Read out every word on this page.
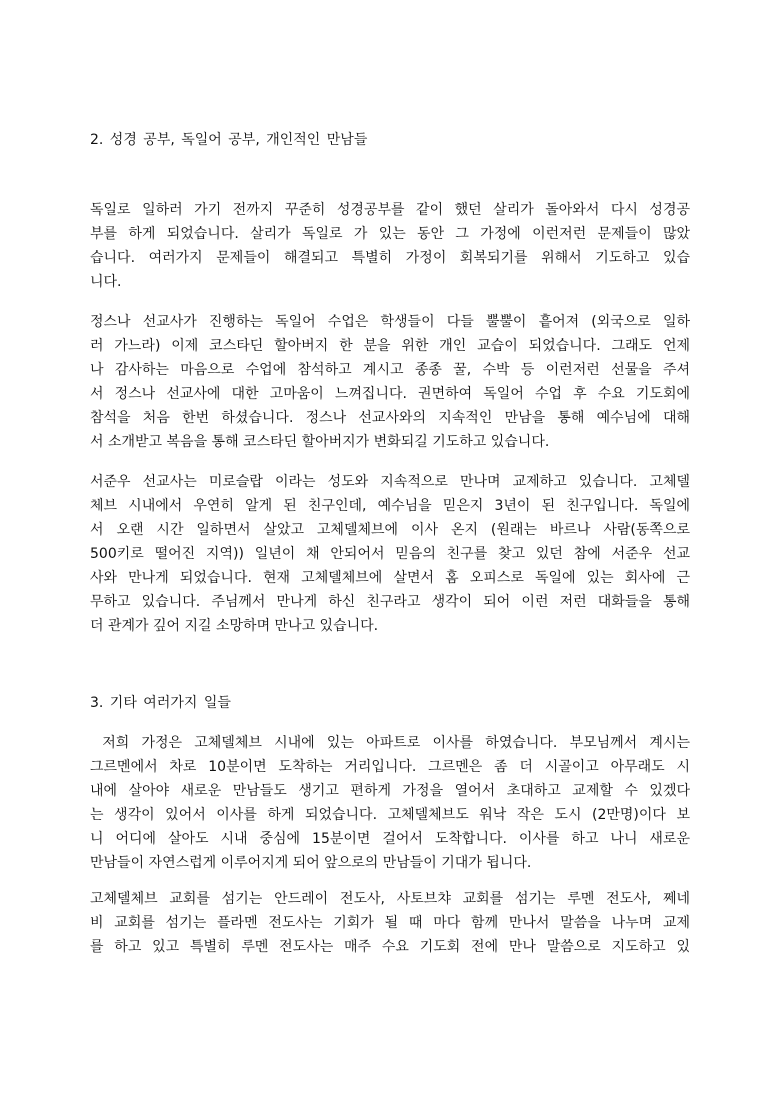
2. 성경 공부, 독일어 공부, 개인적인 만남들
독일로 일하러 가기 전까지 꾸준히 성경공부를 같이 했던 살리가 돌아와서 다시 성경공
부를 하게 되었습니다. 살리가 독일로 가 있는 동안 그 가정에 이런저런 문제들이 많았
습니다. 여러가지 문제들이 해결되고 특별히 가정이 회복되기를 위해서 기도하고 있습
니다.
정스나 선교사가 진행하는 독일어 수업은 학생들이 다들 뿔뿔이 흩어져 (외국으로 일하
러 가느라) 이제 코스타딘 할아버지 한 분을 위한 개인 교습이 되었습니다. 그래도 언제
나 감사하는 마음으로 수업에 참석하고 계시고 종종 꿀, 수박 등 이런저런 선물을 주셔
서 정스나 선교사에 대한 고마움이 느껴집니다. 권면하여 독일어 수업 후 수요 기도회에
참석을 처음 한번 하셨습니다. 정스나 선교사와의 지속적인 만남을 통해 예수님에 대해
서 소개받고 복음을 통해 코스타딘 할아버지가 변화되길 기도하고 있습니다.
서준우 선교사는 미로슬랍 이라는 성도와 지속적으로 만나며 교제하고 있습니다. 고체델
체브 시내에서 우연히 알게 된 친구인데, 예수님을 믿은지 3년이 된 친구입니다. 독일에
서 오랜 시간 일하면서 살았고 고체델체브에 이사 온지 (원래는 바르나 사람(동쪽으로
500키로 떨어진 지역)) 일년이 채 안되어서 믿음의 친구를 찾고 있던 참에 서준우 선교
사와 만나게 되었습니다. 현재 고체델체브에 살면서 홈 오피스로 독일에 있는 회사에 근
무하고 있습니다. 주님께서 만나게 하신 친구라고 생각이 되어 이런 저런 대화들을 통해
더 관계가 깊어 지길 소망하며 만나고 있습니다.
3. 기타 여러가지 일들
저희 가정은 고체델체브 시내에 있는 아파트로 이사를 하였습니다. 부모님께서 계시는
그르멘에서 차로 10분이면 도착하는 거리입니다. 그르멘은 좀 더 시골이고 아무래도 시
내에 살아야 새로운 만남들도 생기고 편하게 가정을 열어서 초대하고 교제할 수 있겠다
는 생각이 있어서 이사를 하게 되었습니다. 고체델체브도 워낙 작은 도시 (2만명)이다 보
니 어디에 살아도 시내 중심에 15분이면 걸어서 도착합니다. 이사를 하고 나니 새로운
만남들이 자연스럽게 이루어지게 되어 앞으로의 만남들이 기대가 됩니다.
고체델체브 교회를 섬기는 안드레이 전도사, 사토브챠 교회를 섬기는 루멘 전도사, 쩨네
비 교회를 섬기는 플라멘 전도사는 기회가 될 때 마다 함께 만나서 말씀을 나누며 교제
를 하고 있고 특별히 루멘 전도사는 매주 수요 기도회 전에 만나 말씀으로 지도하고 있
